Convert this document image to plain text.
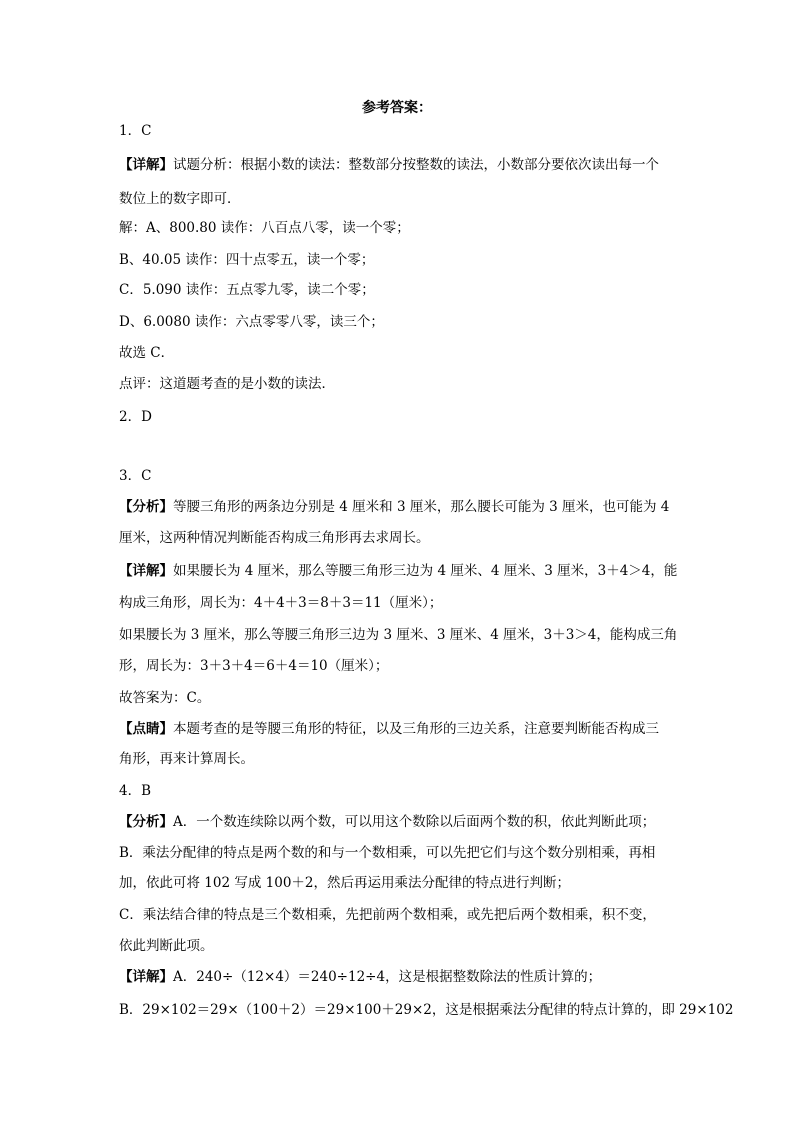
参考答案：
1．C
【详解】试题分析：根据小数的读法：整数部分按整数的读法，小数部分要依次读出每一个
数位上的数字即可．
解：A、800.80 读作：八百点八零，读一个零；
B、40.05 读作：四十点零五，读一个零；
C．5.090 读作：五点零九零，读二个零；
D、6.0080 读作：六点零零八零，读三个；
故选 C．
点评：这道题考查的是小数的读法．
2．D
3．C
【分析】等腰三角形的两条边分别是 4 厘米和 3 厘米，那么腰长可能为 3 厘米，也可能为 4
厘米，这两种情况判断能否构成三角形再去求周长。
【详解】如果腰长为 4 厘米，那么等腰三角形三边为 4 厘米、4 厘米、3 厘米，3＋4＞4，能
构成三角形，周长为：4＋4＋3＝8＋3＝11（厘米）；
如果腰长为 3 厘米，那么等腰三角形三边为 3 厘米、3 厘米、4 厘米，3＋3＞4，能构成三角
形，周长为：3＋3＋4＝6＋4＝10（厘米）；
故答案为：C。
【点睛】本题考查的是等腰三角形的特征，以及三角形的三边关系，注意要判断能否构成三
角形，再来计算周长。
4．B
【分析】A．一个数连续除以两个数，可以用这个数除以后面两个数的积，依此判断此项；
B．乘法分配律的特点是两个数的和与一个数相乘，可以先把它们与这个数分别相乘，再相
加，依此可将 102 写成 100＋2，然后再运用乘法分配律的特点进行判断；
C．乘法结合律的特点是三个数相乘，先把前两个数相乘，或先把后两个数相乘，积不变，
依此判断此项。
【详解】A．240÷（12×4）＝240÷12÷4，这是根据整数除法的性质计算的；
B．29×102＝29×（100＋2）＝29×100＋29×2，这是根据乘法分配律的特点计算的，即 29×102
